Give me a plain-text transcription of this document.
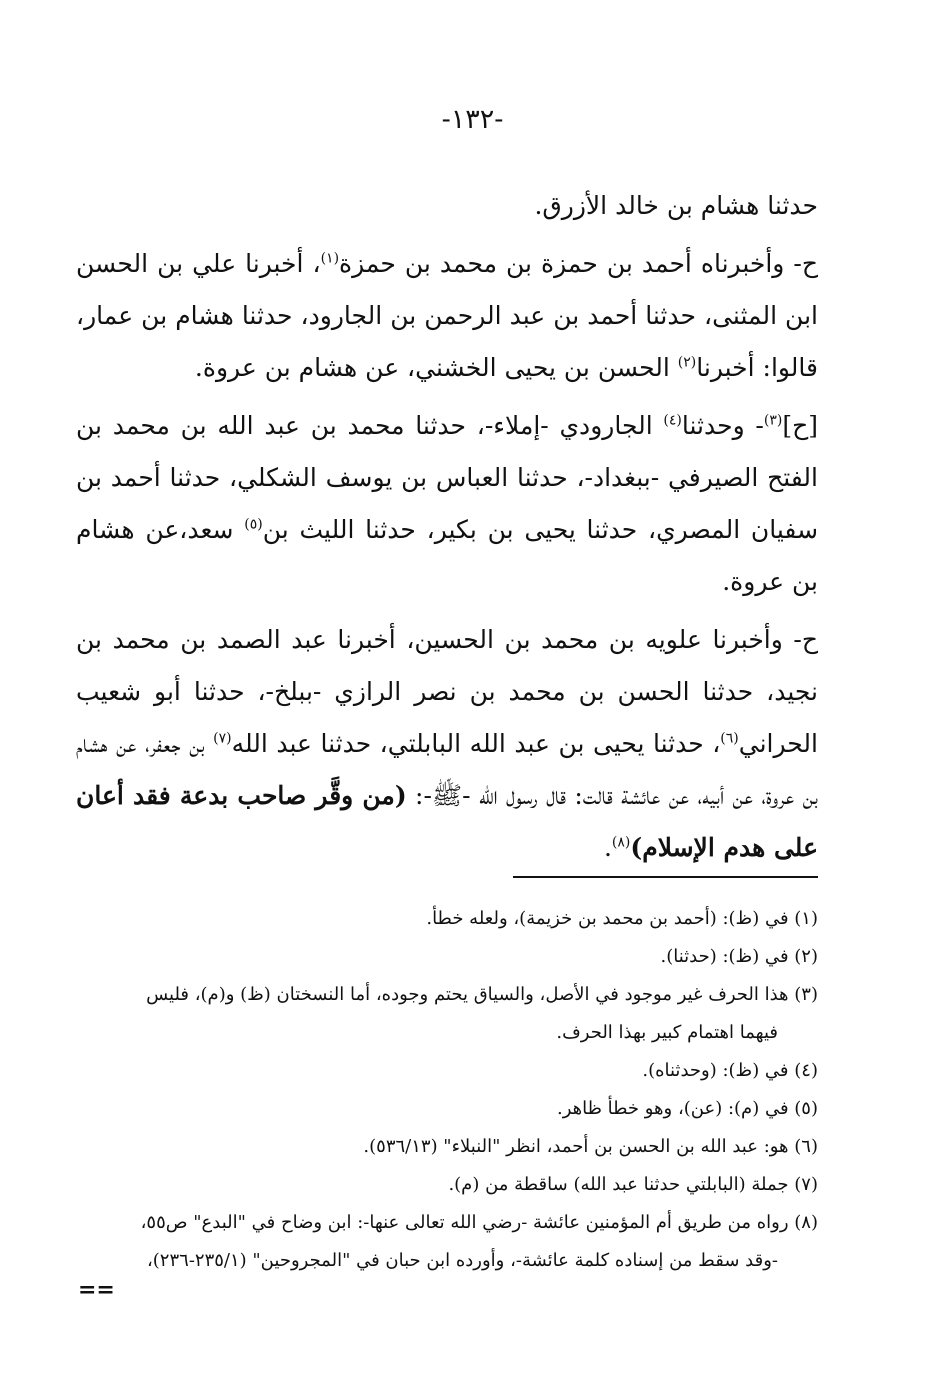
-١٣٢-

حدثنا هشام بن خالد الأزرق.

ح- وأخبرناه أحمد بن حمزة بن محمد بن حمزة$^{(١)}$، أخبرنا علي بن الحسن ابن المثنى، حدثنا أحمد بن عبد الرحمن بن الجارود، حدثنا هشام بن عمار، قالوا: أخبرنا$^{(٢)}$ الحسن بن يحيى الخشني، عن هشام بن عروة.

[ح]$^{(٣)}$- وحدثنا$^{(٤)}$ الجارودي -إملاء-، حدثنا محمد بن عبد الله بن محمد بن الفتح الصيرفي -ببغداد-، حدثنا العباس بن يوسف الشكلي، حدثنا أحمد بن سفيان المصري، حدثنا يحيى بن بكير، حدثنا الليث بن$^{(٥)}$ سعد،عن هشام بن عروة.

ح- وأخبرنا علويه بن محمد بن الحسين، أخبرنا عبد الصمد بن محمد بن نجيد، حدثنا الحسن بن محمد بن نصر الرازي -ببلخ-، حدثنا أبو شعيب الحراني$^{(٦)}$، حدثنا يحيى بن عبد الله البابلتي، حدثنا عبد الله$^{(٧)}$ بن جعفر، عن هشام بن عروة، عن أبيه، عن عائشة قالت: قال رسول الله -ﷺ-: (من وقَّر صاحب بدعة فقد أعان على هدم الإسلام)$^{(٨)}$.

(١) في (ظ): (أحمد بن محمد بن خزيمة)، ولعله خطأ.

(٢) في (ظ): (حدثنا).

(٣) هذا الحرف غير موجود في الأصل، والسياق يحتم وجوده، أما النسختان (ظ) و(م)، فليس

فيهما اهتمام كبير بهذا الحرف.

(٤) في (ظ): (وحدثناه).

(٥) في (م): (عن)، وهو خطأ ظاهر.

(٦) هو: عبد الله بن الحسن بن أحمد، انظر "النبلاء" (٥٣٦/١٣).

(٧) جملة (البابلتي حدثنا عبد الله) ساقطة من (م).

(٨) رواه من طريق أم المؤمنين عائشة -رضي الله تعالى عنها-: ابن وضاح في "البدع" ص٥٥،

-وقد سقط من إسناده كلمة عائشة-، وأورده ابن حبان في "المجروحين" (٢٣٥/١-٢٣٦)،

==
